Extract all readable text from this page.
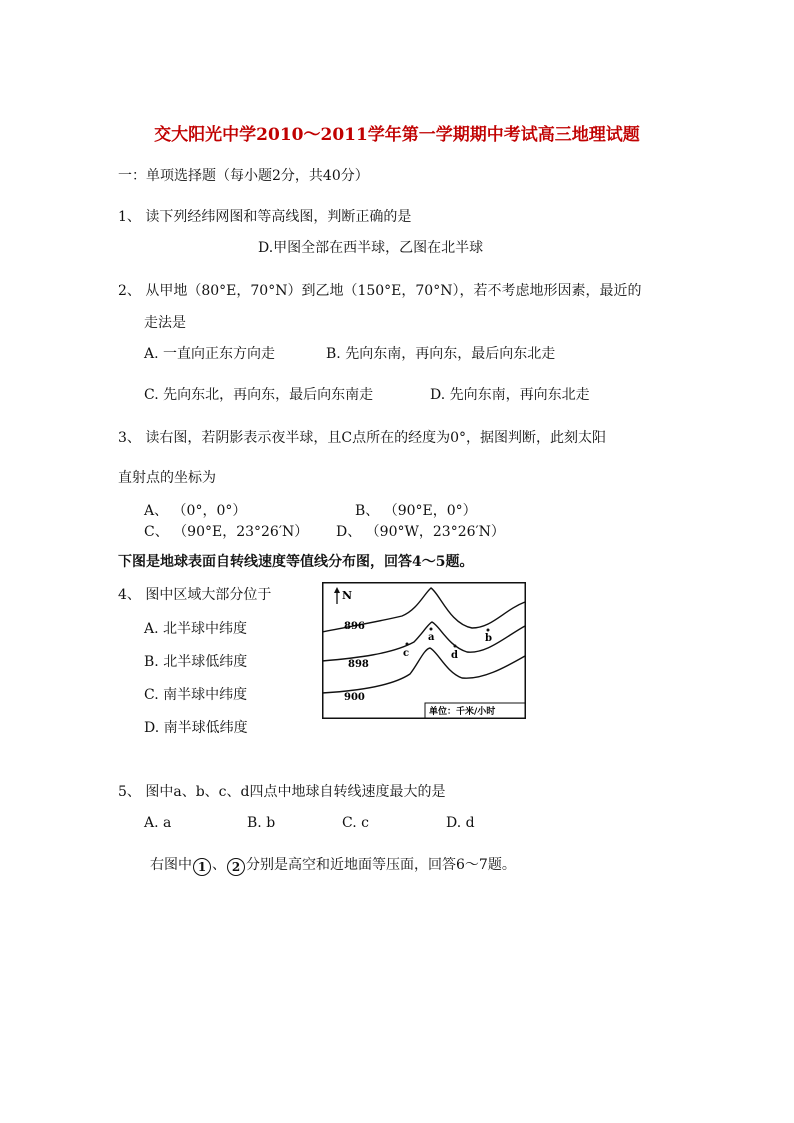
交大阳光中学2010～2011学年第一学期期中考试高三地理试题
一：单项选择题（每小题2分，共40分）
1、 读下列经纬网图和等高线图，判断正确的是
D.甲图全部在西半球，乙图在北半球
2、 从甲地（80°E，70°N）到乙地（150°E，70°N），若不考虑地形因素，最近的
走法是
A. 一直向正东方向走	B. 先向东南，再向东，最后向东北走
C. 先向东北，再向东，最后向东南走	D. 先向东南，再向东北走
3、 读右图，若阴影表示夜半球，且C点所在的经度为0°，据图判断，此刻太阳
直射点的坐标为
A、 （0°，0°）	B、 （90°E，0°）
C、 （90°E，23°26′N） D、 （90°W，23°26′N）
下图是地球表面自转线速度等值线分布图，回答4～5题。
4、 图中区域大部分位于
A. 北半球中纬度
B. 北半球低纬度
C. 南半球中纬度
D. 南半球低纬度
N
896
898
900
a	b
c	d
单位：千米/小时
5、 图中a、b、c、d四点中地球自转线速度最大的是
A. a	B. b	C. c	D. d
右图中 1 、 2 分别是高空和近地面等压面，回答6～7题。
